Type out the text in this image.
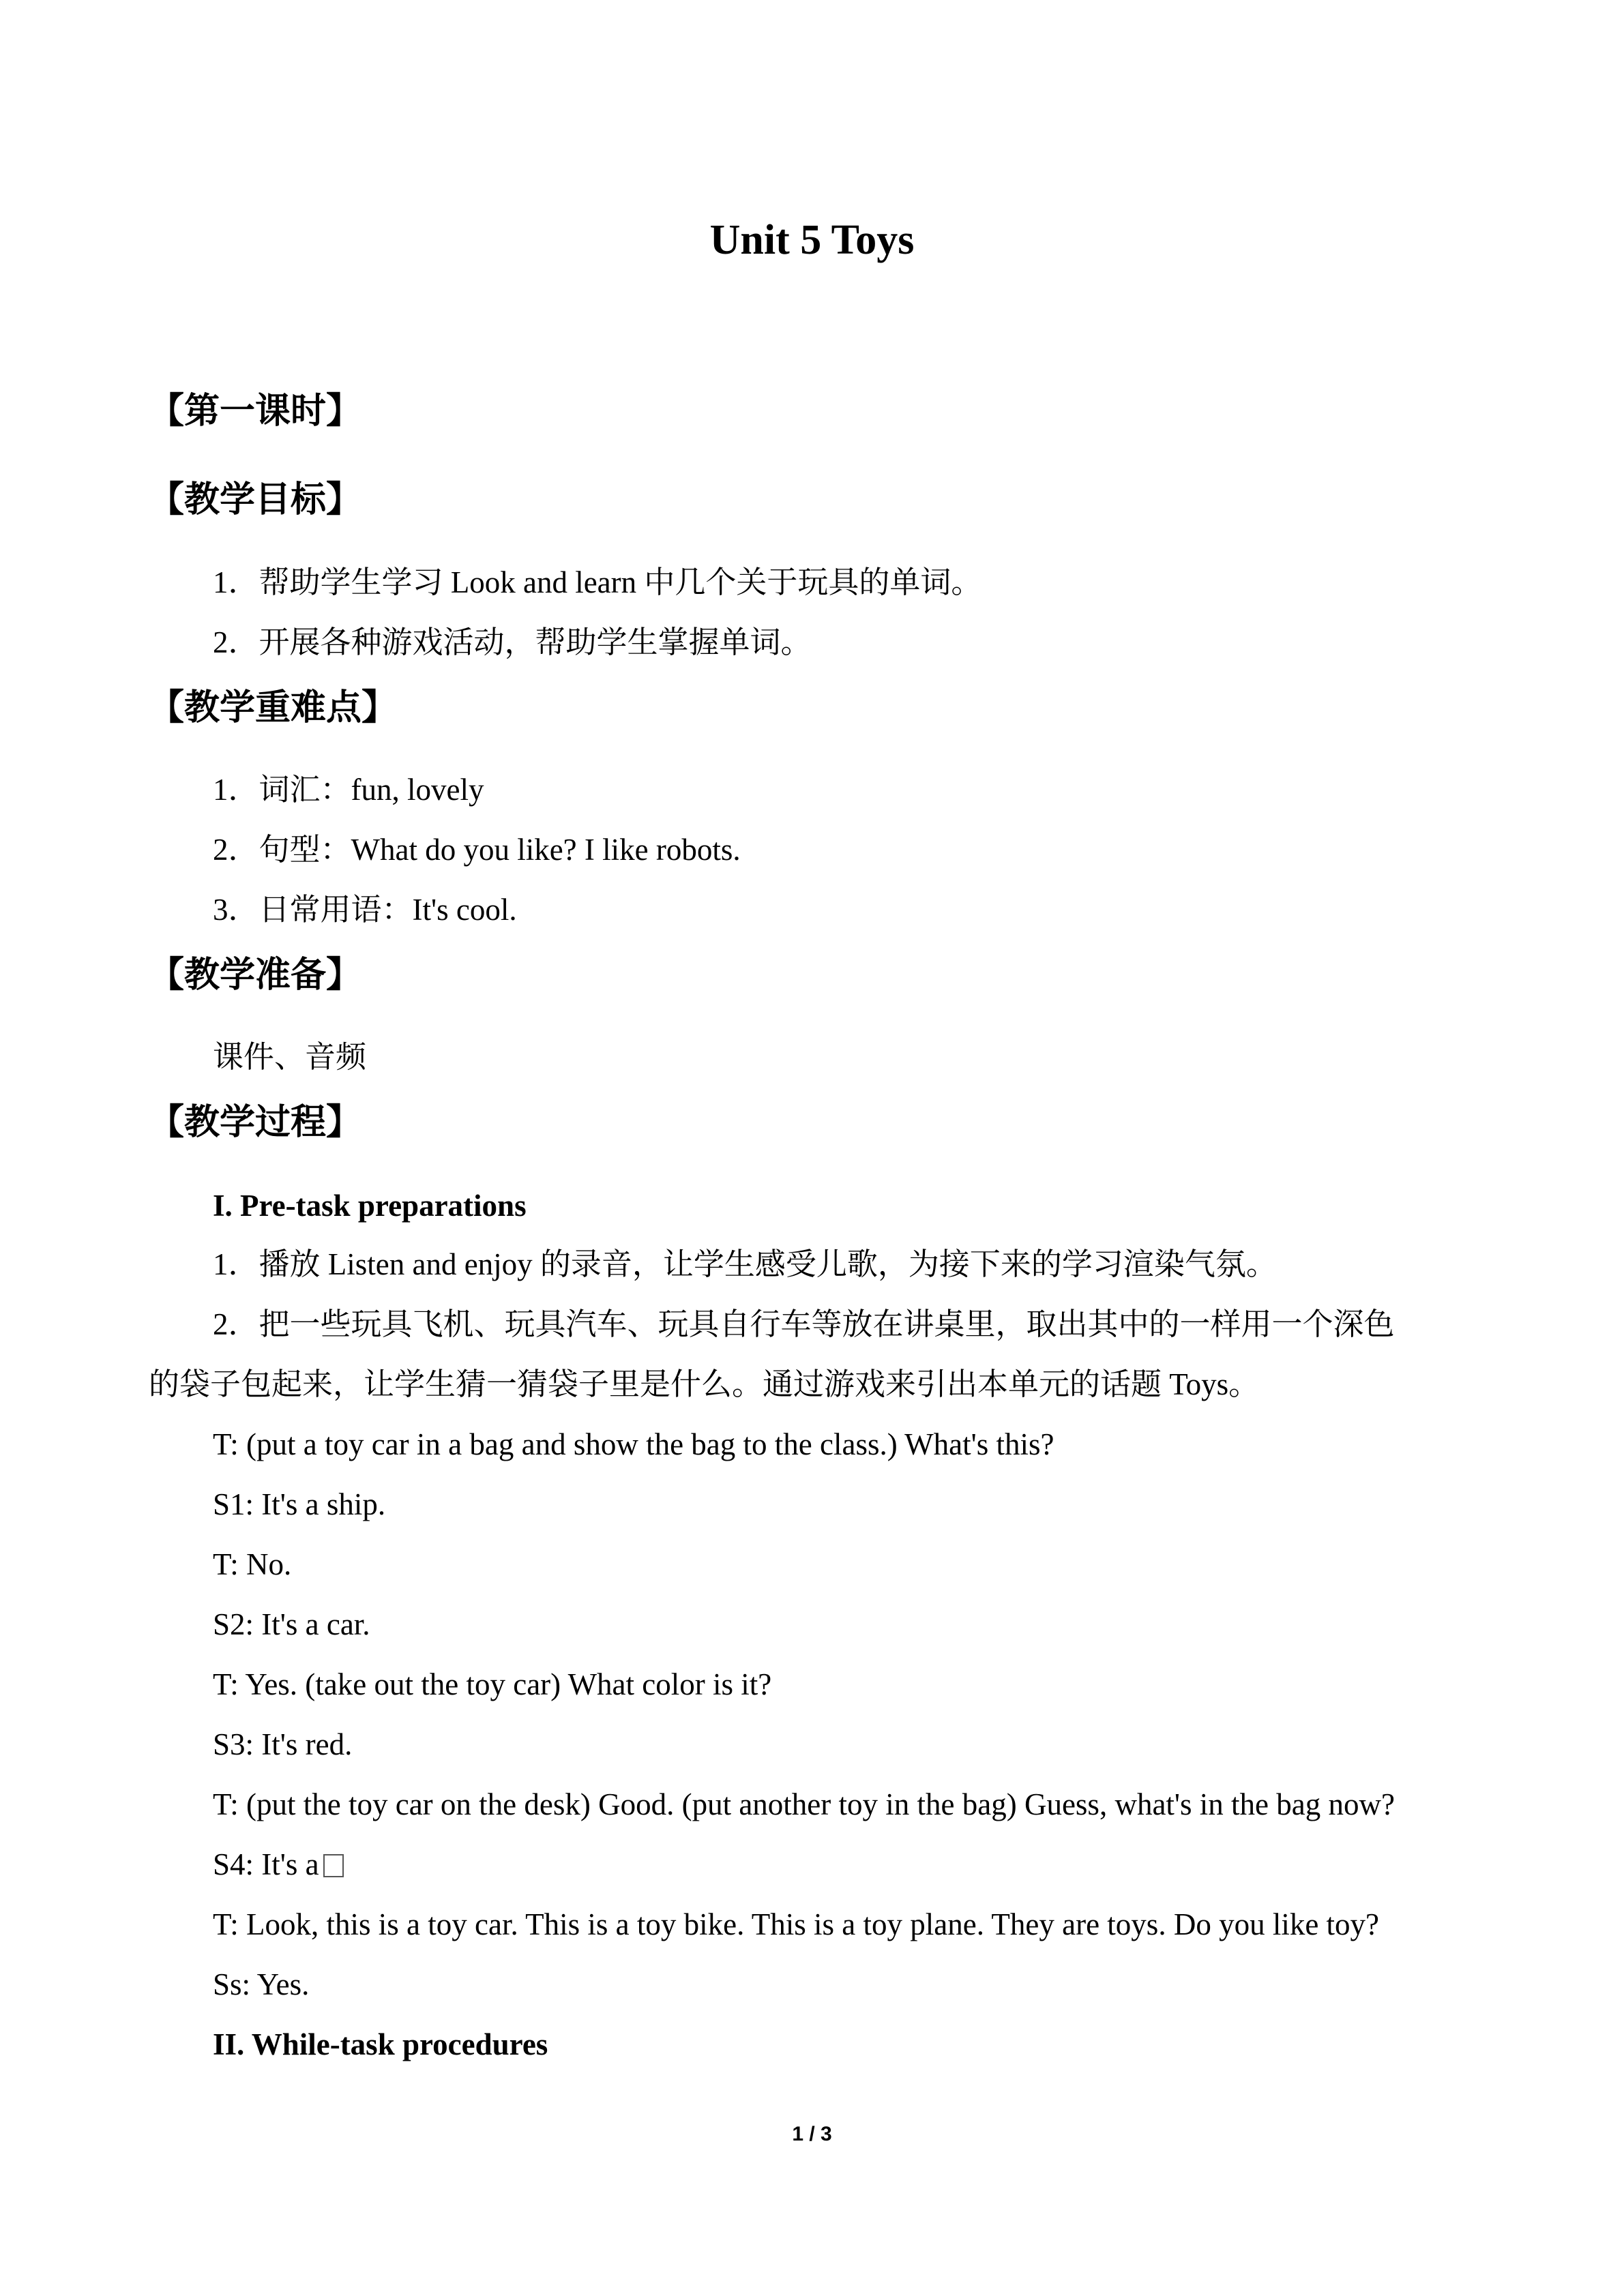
Unit 5 Toys
【第一课时】
【教学目标】
1．帮助学生学习 Look and learn 中几个关于玩具的单词。
2．开展各种游戏活动，帮助学生掌握单词。
【教学重难点】
1．词汇：fun, lovely
2．句型：What do you like? I like robots.
3．日常用语：It's cool.
【教学准备】
课件、音频
【教学过程】
I. Pre-task preparations
1．播放 Listen and enjoy 的录音，让学生感受儿歌，为接下来的学习渲染气氛。
2．把一些玩具飞机、玩具汽车、玩具自行车等放在讲桌里，取出其中的一样用一个深色
的袋子包起来，让学生猜一猜袋子里是什么。通过游戏来引出本单元的话题 Toys。
T: (put a toy car in a bag and show the bag to the class.) What's this?
S1: It's a ship.
T: No.
S2: It's a car.
T: Yes. (take out the toy car) What color is it?
S3: It's red.
T: (put the toy car on the desk) Good. (put another toy in the bag) Guess, what's in the bag now?
S4: It's a
T: Look, this is a toy car. This is a toy bike. This is a toy plane. They are toys. Do you like toy?
Ss: Yes.
II. While-task procedures
1 / 3
